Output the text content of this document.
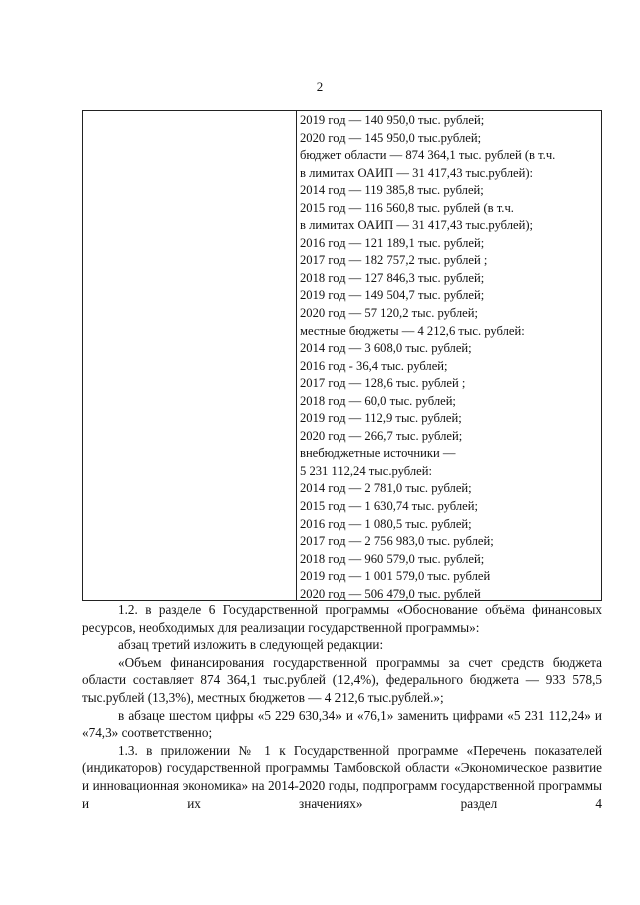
2
2019 год — 140 950,0 тыс. рублей;
2020 год — 145 950,0 тыс.рублей;
бюджет области — 874 364,1 тыс. рублей (в т.ч.
в лимитах ОАИП — 31 417,43 тыс.рублей):
2014 год — 119 385,8 тыс. рублей;
2015 год — 116 560,8 тыс. рублей (в т.ч.
в лимитах ОАИП — 31 417,43 тыс.рублей);
2016 год — 121 189,1 тыс. рублей;
2017 год — 182 757,2 тыс. рублей ;
2018 год — 127 846,3 тыс. рублей;
2019 год — 149 504,7 тыс. рублей;
2020 год — 57 120,2 тыс. рублей;
местные бюджеты — 4 212,6 тыс. рублей:
2014 год — 3 608,0 тыс. рублей;
2016 год - 36,4 тыс. рублей;
2017 год — 128,6 тыс. рублей ;
2018 год — 60,0 тыс. рублей;
2019 год — 112,9 тыс. рублей;
2020 год — 266,7 тыс. рублей;
внебюджетные источники —
5 231 112,24 тыс.рублей:
2014 год — 2 781,0 тыс. рублей;
2015 год — 1 630,74 тыс. рублей;
2016 год — 1 080,5 тыс. рублей;
2017 год — 2 756 983,0 тыс. рублей;
2018 год — 960 579,0 тыс. рублей;
2019 год — 1 001 579,0 тыс. рублей
2020 год — 506 479,0 тыс. рублей
1.2. в разделе 6 Государственной программы «Обоснование объёма финансовых ресурсов, необходимых для реализации государственной программы»:
абзац третий изложить в следующей редакции:
«Объем финансирования государственной программы за счет средств бюджета области составляет 874 364,1 тыс.рублей (12,4%), федерального бюджета — 933 578,5 тыс.рублей (13,3%), местных бюджетов — 4 212,6 тыс.рублей.»;
в абзаце шестом цифры «5 229 630,34» и «76,1» заменить цифрами «5 231 112,24» и «74,3» соответственно;
1.3. в приложении № 1 к Государственной программе «Перечень показателей (индикаторов) государственной программы Тамбовской области «Экономическое развитие и инновационная экономика» на 2014-2020 годы, подпрограмм государственной программы и их значениях» раздел 4
